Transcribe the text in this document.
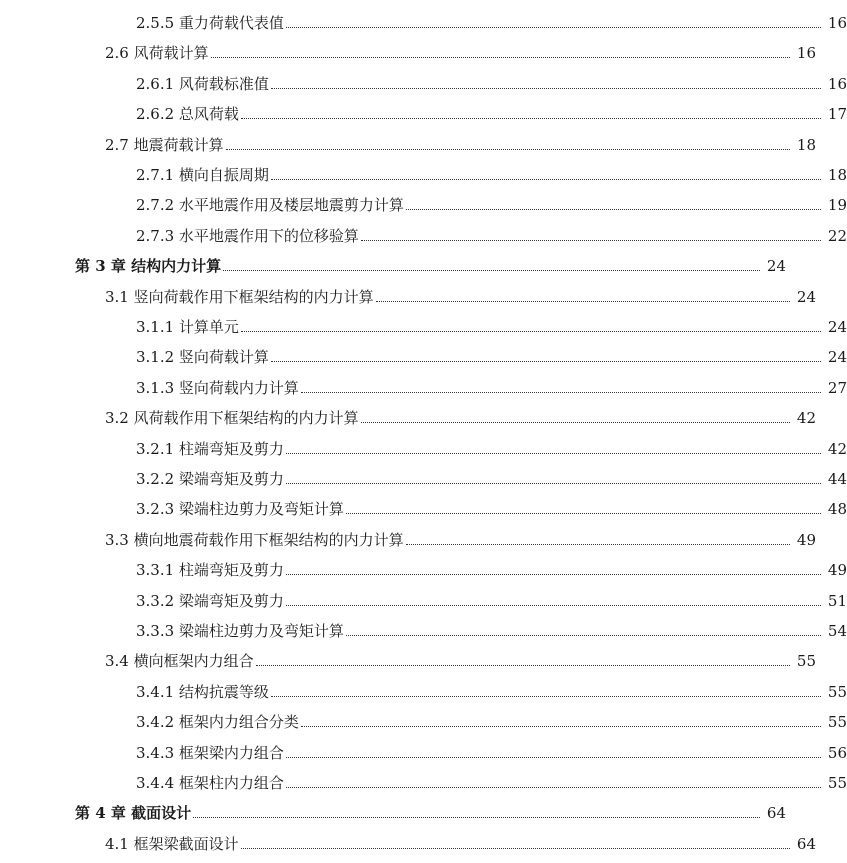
2.5.5 重力荷载代表值	16
2.6 风荷载计算	16
2.6.1 风荷载标准值	16
2.6.2 总风荷载	17
2.7 地震荷载计算	18
2.7.1 横向自振周期	18
2.7.2 水平地震作用及楼层地震剪力计算	19
2.7.3 水平地震作用下的位移验算	22
第 3 章 结构内力计算	24
3.1 竖向荷载作用下框架结构的内力计算	24
3.1.1 计算单元	24
3.1.2 竖向荷载计算	24
3.1.3 竖向荷载内力计算	27
3.2 风荷载作用下框架结构的内力计算	42
3.2.1 柱端弯矩及剪力	42
3.2.2 梁端弯矩及剪力	44
3.2.3 梁端柱边剪力及弯矩计算	48
3.3 横向地震荷载作用下框架结构的内力计算	49
3.3.1 柱端弯矩及剪力	49
3.3.2 梁端弯矩及剪力	51
3.3.3 梁端柱边剪力及弯矩计算	54
3.4 横向框架内力组合	55
3.4.1 结构抗震等级	55
3.4.2 框架内力组合分类	55
3.4.3 框架梁内力组合	56
3.4.4 框架柱内力组合	55
第 4 章 截面设计	64
4.1 框架梁截面设计	64
